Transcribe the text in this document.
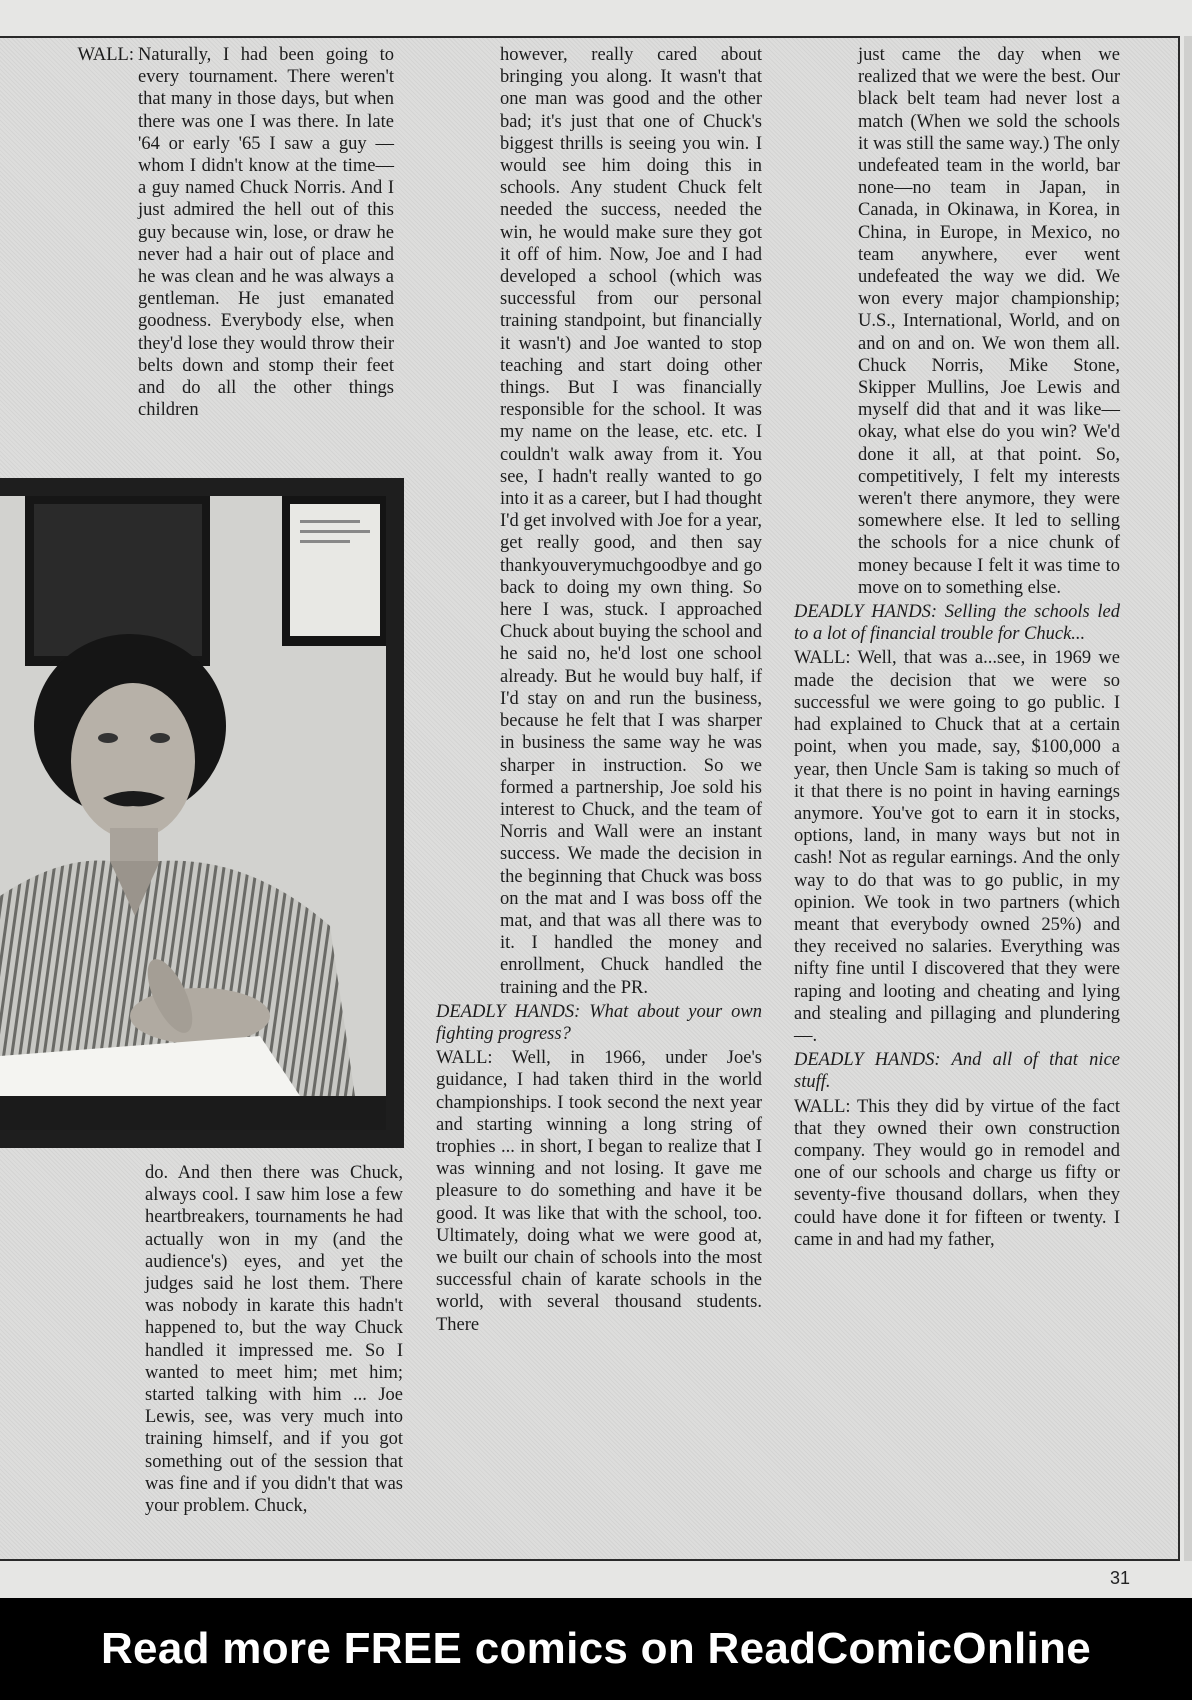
WALL: Naturally, I had been going to every tournament. There weren't that many in those days, but when there was one I was there. In late '64 or early '65 I saw a guy — whom I didn't know at the time—a guy named Chuck Norris. And I just admired the hell out of this guy because win, lose, or draw he never had a hair out of place and he was clean and he was always a gentleman. He just emanated goodness. Everybody else, when they'd lose they would throw their belts down and stomp their feet and do all the other things children

do. And then there was Chuck, always cool. I saw him lose a few heartbreakers, tournaments he had actually won in my (and the audience's) eyes, and yet the judges said he lost them. There was nobody in karate this hadn't happened to, but the way Chuck handled it impressed me. So I wanted to meet him; met him; started talking with him ... Joe Lewis, see, was very much into training himself, and if you got something out of the session that was fine and if you didn't that was your problem. Chuck,

however, really cared about bringing you along. It wasn't that one man was good and the other bad; it's just that one of Chuck's biggest thrills is seeing you win. I would see him doing this in schools. Any student Chuck felt needed the success, needed the win, he would make sure they got it off of him. Now, Joe and I had developed a school (which was successful from our personal training standpoint, but financially it wasn't) and Joe wanted to stop teaching and start doing other things. But I was financially responsible for the school. It was my name on the lease, etc. etc. I couldn't walk away from it. You see, I hadn't really wanted to go into it as a career, but I had thought I'd get involved with Joe for a year, get really good, and then say thankyouverymuchgoodbye and go back to doing my own thing. So here I was, stuck. I approached Chuck about buying the school and he said no, he'd lost one school already. But he would buy half, if I'd stay on and run the business, because he felt that I was sharper in business the same way he was sharper in instruction. So we formed a partnership, Joe sold his interest to Chuck, and the team of Norris and Wall were an instant success. We made the decision in the beginning that Chuck was boss on the mat and I was boss off the mat, and that was all there was to it. I handled the money and enrollment, Chuck handled the training and the PR.

DEADLY HANDS: What about your own fighting progress?
WALL: Well, in 1966, under Joe's guidance, I had taken third in the world championships. I took second the next year and starting winning a long string of trophies ... in short, I began to realize that I was winning and not losing. It gave me pleasure to do something and have it be good. It was like that with the school, too. Ultimately, doing what we were good at, we built our chain of schools into the most successful chain of karate schools in the world, with several thousand students. There

just came the day when we realized that we were the best. Our black belt team had never lost a match (When we sold the schools it was still the same way.) The only undefeated team in the world, bar none—no team in Japan, in Canada, in Okinawa, in Korea, in China, in Europe, in Mexico, no team anywhere, ever went undefeated the way we did. We won every major championship; U.S., International, World, and on and on and on. We won them all. Chuck Norris, Mike Stone, Skipper Mullins, Joe Lewis and myself did that and it was like—okay, what else do you win? We'd done it all, at that point. So, competitively, I felt my interests weren't there anymore, they were somewhere else. It led to selling the schools for a nice chunk of money because I felt it was time to move on to something else.

DEADLY HANDS: Selling the schools led to a lot of financial trouble for Chuck...
WALL: Well, that was a...see, in 1969 we made the decision that we were so successful we were going to go public. I had explained to Chuck that at a certain point, when you made, say, $100,000 a year, then Uncle Sam is taking so much of it that there is no point in having earnings anymore. You've got to earn it in stocks, options, land, in many ways but not in cash! Not as regular earnings. And the only way to do that was to go public, in my opinion. We took in two partners (which meant that everybody owned 25%) and they received no salaries. Everything was nifty fine until I discovered that they were raping and looting and cheating and lying and stealing and pillaging and plundering—.
DEADLY HANDS: And all of that nice stuff.
WALL: This they did by virtue of the fact that they owned their own construction company. They would go in remodel and one of our schools and charge us fifty or seventy-five thousand dollars, when they could have done it for fifteen or twenty. I came in and had my father,
31
Read more FREE comics on ReadComicOnline
